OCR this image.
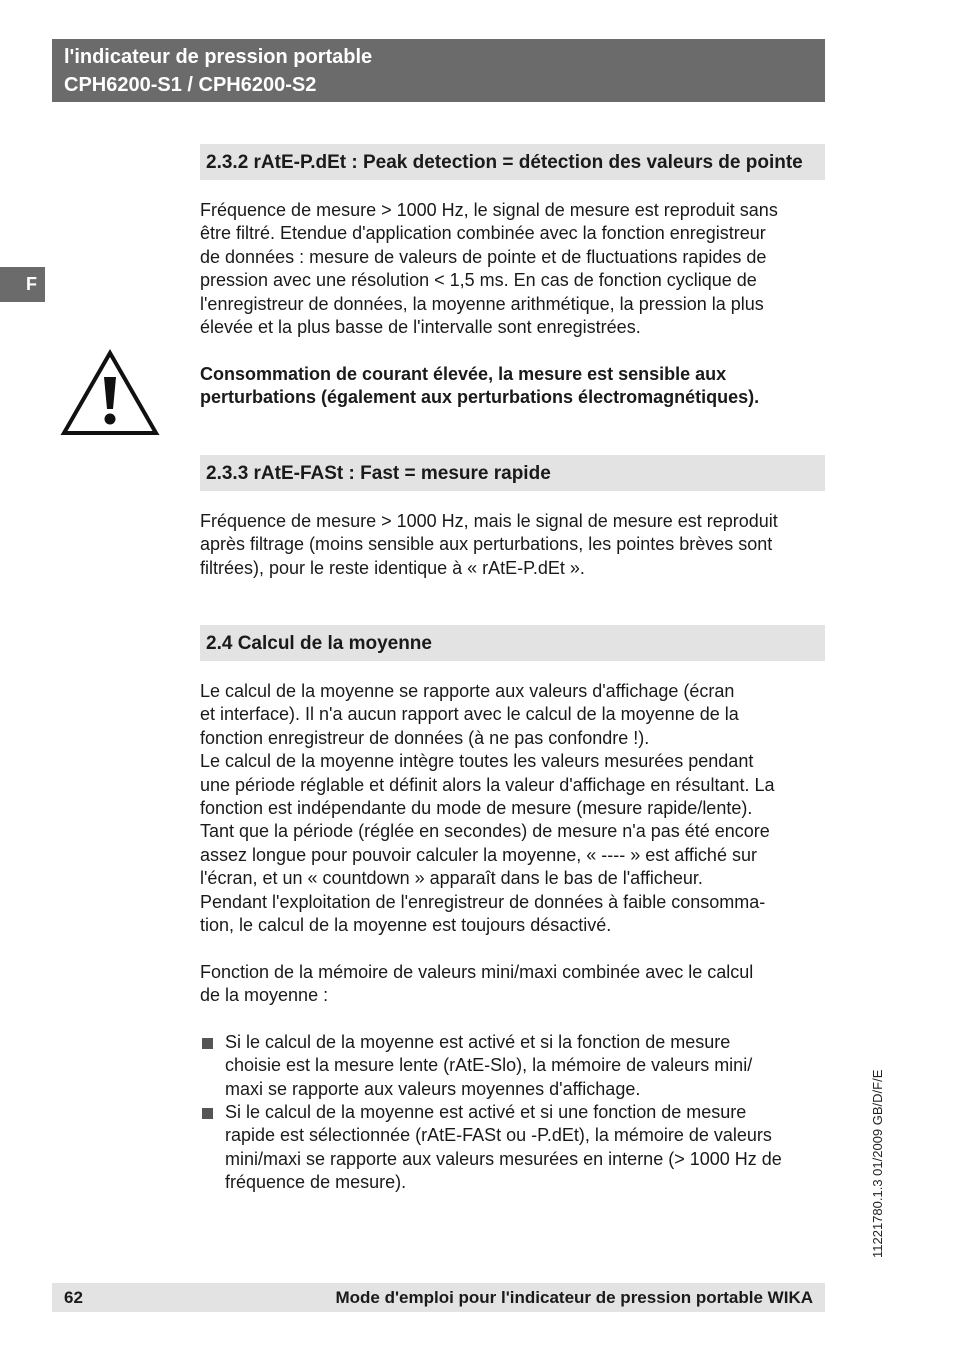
l'indicateur de pression portable
CPH6200-S1 / CPH6200-S2
F
2.3.2 rAtE-P.dEt : Peak detection = détection des valeurs de pointe
Fréquence de mesure > 1000 Hz, le signal de mesure est reproduit sans
être filtré. Etendue d'application combinée avec la fonction enregistreur
de données : mesure de valeurs de pointe et de fluctuations rapides de
pression avec une résolution < 1,5 ms. En cas de fonction cyclique de
l'enregistreur de données, la moyenne arithmétique, la pression la plus
élevée et la plus basse de l'intervalle sont enregistrées.
Consommation de courant élevée, la mesure est sensible aux
perturbations (également aux perturbations électromagnétiques).
2.3.3 rAtE-FASt : Fast = mesure rapide
Fréquence de mesure > 1000 Hz, mais le signal de mesure est reproduit
après filtrage (moins sensible aux perturbations, les pointes brèves sont
filtrées), pour le reste identique à « rAtE-P.dEt ».
2.4 Calcul de la moyenne
Le calcul de la moyenne se rapporte aux valeurs d'affichage (écran
et interface). Il n'a aucun rapport avec le calcul de la moyenne de la
fonction enregistreur de données (à ne pas confondre !).
Le calcul de la moyenne intègre toutes les valeurs mesurées pendant
une période réglable et définit alors la valeur d'affichage en résultant. La
fonction est indépendante du mode de mesure (mesure rapide/lente).
Tant que la période (réglée en secondes) de mesure n'a pas été encore
assez longue pour pouvoir calculer la moyenne, « ---- » est affiché sur
l'écran, et un « countdown » apparaît dans le bas de l'afficheur.
Pendant l'exploitation de l'enregistreur de données à faible consomma-
tion, le calcul de la moyenne est toujours désactivé.
Fonction de la mémoire de valeurs mini/maxi combinée avec le calcul
de la moyenne :
Si le calcul de la moyenne est activé et si la fonction de mesure
choisie est la mesure lente (rAtE-Slo), la mémoire de valeurs mini/
maxi se rapporte aux valeurs moyennes d'affichage.
Si le calcul de la moyenne est activé et si une fonction de mesure
rapide est sélectionnée (rAtE-FASt ou -P.dEt), la mémoire de valeurs
mini/maxi se rapporte aux valeurs mesurées en interne (> 1000 Hz de
fréquence de mesure).	11221780.1.3 01/2009 GB/D/F/E
62	Mode d'emploi pour l'indicateur de pression portable WIKA
